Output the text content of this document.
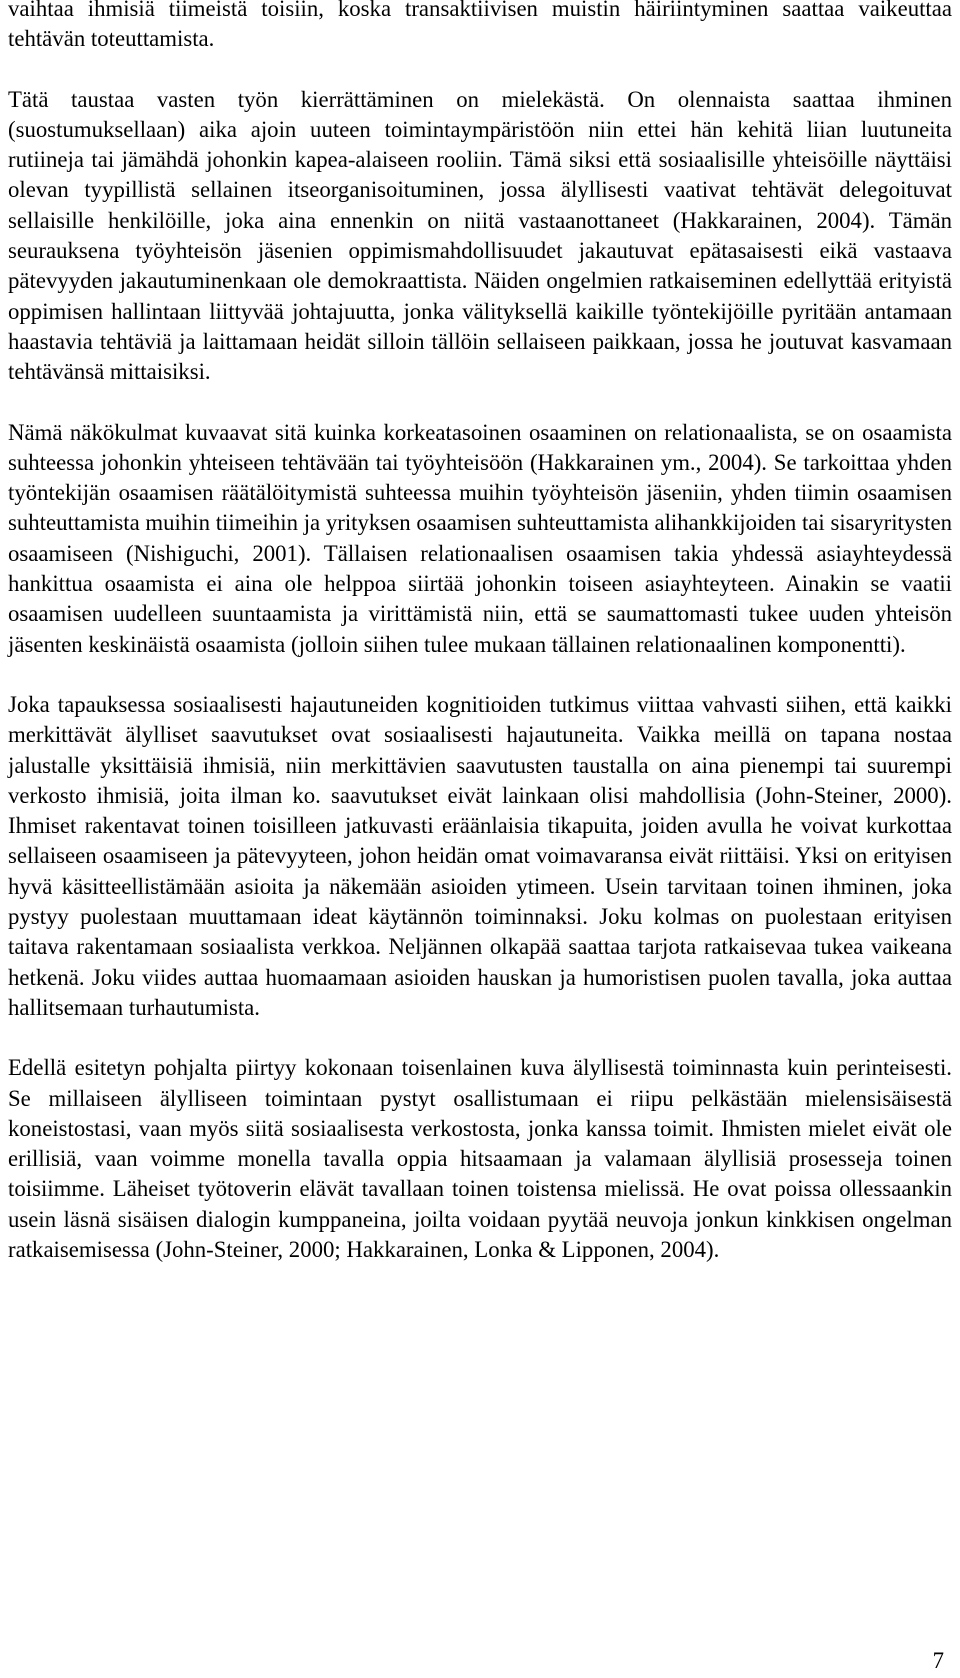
vaihtaa ihmisiä tiimeistä toisiin, koska transaktiivisen muistin häiriintyminen saattaa vaikeuttaa tehtävän toteuttamista.

Tätä taustaa vasten työn kierrättäminen on mielekästä. On olennaista saattaa ihminen (suostumuksellaan) aika ajoin uuteen toimintaympäristöön niin ettei hän kehitä liian luutuneita rutiineja tai jämähdä johonkin kapea-alaiseen rooliin. Tämä siksi että sosiaalisille yhteisöille näyttäisi olevan tyypillistä sellainen itseorganisoituminen, jossa älyllisesti vaativat tehtävät delegoituvat sellaisille henkilöille, joka aina ennenkin on niitä vastaanottaneet (Hakkarainen, 2004). Tämän seurauksena työyhteisön jäsenien oppimismahdollisuudet jakautuvat epätasaisesti eikä vastaava pätevyyden jakautuminenkaan ole demokraattista. Näiden ongelmien ratkaiseminen edellyttää erityistä oppimisen hallintaan liittyvää johtajuutta, jonka välityksellä kaikille työntekijöille pyritään antamaan haastavia tehtäviä ja laittamaan heidät silloin tällöin sellaiseen paikkaan, jossa he joutuvat kasvamaan tehtävänsä mittaisiksi.

Nämä näkökulmat kuvaavat sitä kuinka korkeatasoinen osaaminen on relationaalista, se on osaamista suhteessa johonkin yhteiseen tehtävään tai työyhteisöön (Hakkarainen ym., 2004). Se tarkoittaa yhden työntekijän osaamisen räätälöitymistä suhteessa muihin työyhteisön jäseniin, yhden tiimin osaamisen suhteuttamista muihin tiimeihin ja yrityksen osaamisen suhteuttamista alihankkijoiden tai sisaryritysten osaamiseen (Nishiguchi, 2001). Tällaisen relationaalisen osaamisen takia yhdessä asiayhteydessä hankittua osaamista ei aina ole helppoa siirtää johonkin toiseen asiayhteyteen. Ainakin se vaatii osaamisen uudelleen suuntaamista ja virittämistä niin, että se saumattomasti tukee uuden yhteisön jäsenten keskinäistä osaamista (jolloin siihen tulee mukaan tällainen relationaalinen komponentti).

Joka tapauksessa sosiaalisesti hajautuneiden kognitioiden tutkimus viittaa vahvasti siihen, että kaikki merkittävät älylliset saavutukset ovat sosiaalisesti hajautuneita. Vaikka meillä on tapana nostaa jalustalle yksittäisiä ihmisiä, niin merkittävien saavutusten taustalla on aina pienempi tai suurempi verkosto ihmisiä, joita ilman ko. saavutukset eivät lainkaan olisi mahdollisia (John-Steiner, 2000). Ihmiset rakentavat toinen toisilleen jatkuvasti eräänlaisia tikapuita, joiden avulla he voivat kurkottaa sellaiseen osaamiseen ja pätevyyteen, johon heidän omat voimavaransa eivät riittäisi. Yksi on erityisen hyvä käsitteellistämään asioita ja näkemään asioiden ytimeen. Usein tarvitaan toinen ihminen, joka pystyy puolestaan muuttamaan ideat käytännön toiminnaksi. Joku kolmas on puolestaan erityisen taitava rakentamaan sosiaalista verkkoa. Neljännen olkapää saattaa tarjota ratkaisevaa tukea vaikeana hetkenä. Joku viides auttaa huomaamaan asioiden hauskan ja humoristisen puolen tavalla, joka auttaa hallitsemaan turhautumista.

Edellä esitetyn pohjalta piirtyy kokonaan toisenlainen kuva älyllisestä toiminnasta kuin perinteisesti. Se millaiseen älylliseen toimintaan pystyt osallistumaan ei riipu pelkästään mielensisäisestä koneistostasi, vaan myös siitä sosiaalisesta verkostosta, jonka kanssa toimit. Ihmisten mielet eivät ole erillisiä, vaan voimme monella tavalla oppia hitsaamaan ja valamaan älyllisiä prosesseja toinen toisiimme. Läheiset työtoverin elävät tavallaan toinen toistensa mielissä. He ovat poissa ollessaankin usein läsnä sisäisen dialogin kumppaneina, joilta voidaan pyytää neuvoja jonkun kinkkisen ongelman ratkaisemisessa (John-Steiner, 2000; Hakkarainen, Lonka & Lipponen, 2004).

7
